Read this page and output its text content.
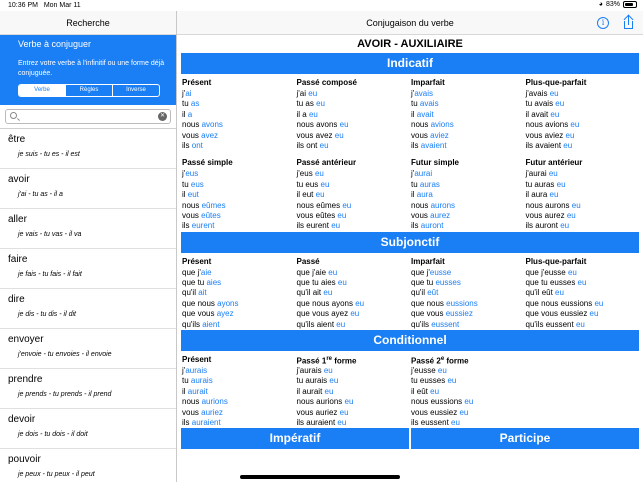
10:36 PM Mon Mar 11	◕ 83%
Recherche
Verbe à conjuguer
Entrez votre verbe à l'infinitif ou une forme déjà conjuguée.
Verbe	Règles	Inverse
✕
être
je suis - tu es - il est
avoir
j'ai - tu as - il a
aller
je vais - tu vas - il va
faire
je fais - tu fais - il fait
dire
je dis - tu dis - il dit
envoyer
j'envoie - tu envoies - il envoie
prendre
je prends - tu prends - il prend
devoir
je dois - tu dois - il doit
pouvoir
je peux - tu peux - il peut
Conjugaison du verbe	i
AVOIR - AUXILIAIRE
Indicatif
Présent
j'ai
tu as
il a
nous avons
vous avez
ils ont
Passé composé
j'ai eu
tu as eu
il a eu
nous avons eu
vous avez eu
ils ont eu
Imparfait
j'avais
tu avais
il avait
nous avions
vous aviez
ils avaient
Plus-que-parfait
j'avais eu
tu avais eu
il avait eu
nous avions eu
vous aviez eu
ils avaient eu
Passé simple
j'eus
tu eus
il eut
nous eûmes
vous eûtes
ils eurent
Passé antérieur
j'eus eu
tu eus eu
il eut eu
nous eûmes eu
vous eûtes eu
ils eurent eu
Futur simple
j'aurai
tu auras
il aura
nous aurons
vous aurez
ils auront
Futur antérieur
j'aurai eu
tu auras eu
il aura eu
nous aurons eu
vous aurez eu
ils auront eu
Subjonctif
Présent
que j'aie
que tu aies
qu'il ait
que nous ayons
que vous ayez
qu'ils aient
Passé
que j'aie eu
que tu aies eu
qu'il ait eu
que nous ayons eu
que vous ayez eu
qu'ils aient eu
Imparfait
que j'eusse
que tu eusses
qu'il eût
que nous eussions
que vous eussiez
qu'ils eussent
Plus-que-parfait
que j'eusse eu
que tu eusses eu
qu'il eût eu
que nous eussions eu
que vous eussiez eu
qu'ils eussent eu
Conditionnel
Présent
j'aurais
tu aurais
il aurait
nous aurions
vous auriez
ils auraient
Passé 1re forme
j'aurais eu
tu aurais eu
il aurait eu
nous aurions eu
vous auriez eu
ils auraient eu
Passé 2e forme
j'eusse eu
tu eusses eu
il eût eu
nous eussions eu
vous eussiez eu
ils eussent eu
Impératif	Participe
